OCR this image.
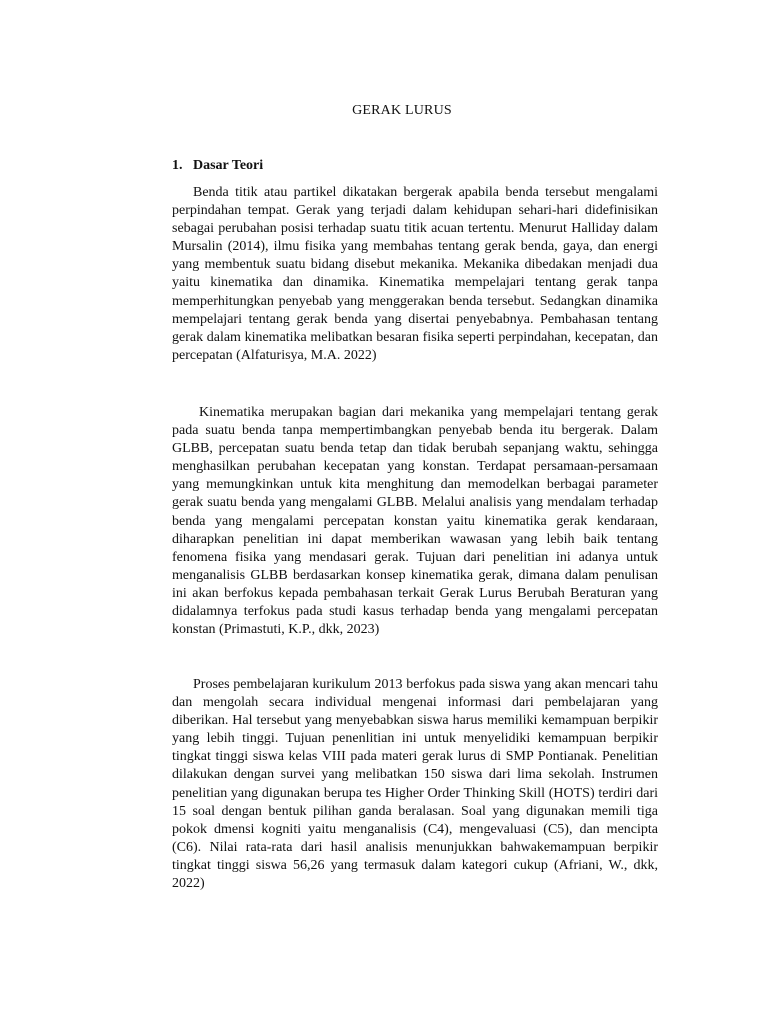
GERAK LURUS
1. Dasar Teori

Benda titik atau partikel dikatakan bergerak apabila benda tersebut mengalami perpindahan tempat. Gerak yang terjadi dalam kehidupan sehari-hari didefinisikan sebagai perubahan posisi terhadap suatu titik acuan tertentu. Menurut Halliday dalam Mursalin (2014), ilmu fisika yang membahas tentang gerak benda, gaya, dan energi yang membentuk suatu bidang disebut mekanika. Mekanika dibedakan menjadi dua yaitu kinematika dan dinamika. Kinematika mempelajari tentang gerak tanpa memperhitungkan penyebab yang menggerakan benda tersebut. Sedangkan dinamika mempelajari tentang gerak benda yang disertai penyebabnya. Pembahasan tentang gerak dalam kinematika melibatkan besaran fisika seperti perpindahan, kecepatan, dan percepatan (Alfaturisya, M.A. 2022)

Kinematika merupakan bagian dari mekanika yang mempelajari tentang gerak pada suatu benda tanpa mempertimbangkan penyebab benda itu bergerak. Dalam GLBB, percepatan suatu benda tetap dan tidak berubah sepanjang waktu, sehingga menghasilkan perubahan kecepatan yang konstan. Terdapat persamaan-persamaan yang memungkinkan untuk kita menghitung dan memodelkan berbagai parameter gerak suatu benda yang mengalami GLBB. Melalui analisis yang mendalam terhadap benda yang mengalami percepatan konstan yaitu kinematika gerak kendaraan, diharapkan penelitian ini dapat memberikan wawasan yang lebih baik tentang fenomena fisika yang mendasari gerak. Tujuan dari penelitian ini adanya untuk menganalisis GLBB berdasarkan konsep kinematika gerak, dimana dalam penulisan ini akan berfokus kepada pembahasan terkait Gerak Lurus Berubah Beraturan yang didalamnya terfokus pada studi kasus terhadap benda yang mengalami percepatan konstan (Primastuti, K.P., dkk, 2023)

Proses pembelajaran kurikulum 2013 berfokus pada siswa yang akan mencari tahu dan mengolah secara individual mengenai informasi dari pembelajaran yang diberikan. Hal tersebut yang menyebabkan siswa harus memiliki kemampuan berpikir yang lebih tinggi. Tujuan penenlitian ini untuk menyelidiki kemampuan berpikir tingkat tinggi siswa kelas VIII pada materi gerak lurus di SMP Pontianak. Penelitian dilakukan dengan survei yang melibatkan 150 siswa dari lima sekolah. Instrumen penelitian yang digunakan berupa tes Higher Order Thinking Skill (HOTS) terdiri dari 15 soal dengan bentuk pilihan ganda beralasan. Soal yang digunakan memili tiga pokok dmensi kogniti yaitu menganalisis (C4), mengevaluasi (C5), dan mencipta (C6). Nilai rata-rata dari hasil analisis menunjukkan bahwakemampuan berpikir tingkat tinggi siswa 56,26 yang termasuk dalam kategori cukup (Afriani, W., dkk, 2022)
